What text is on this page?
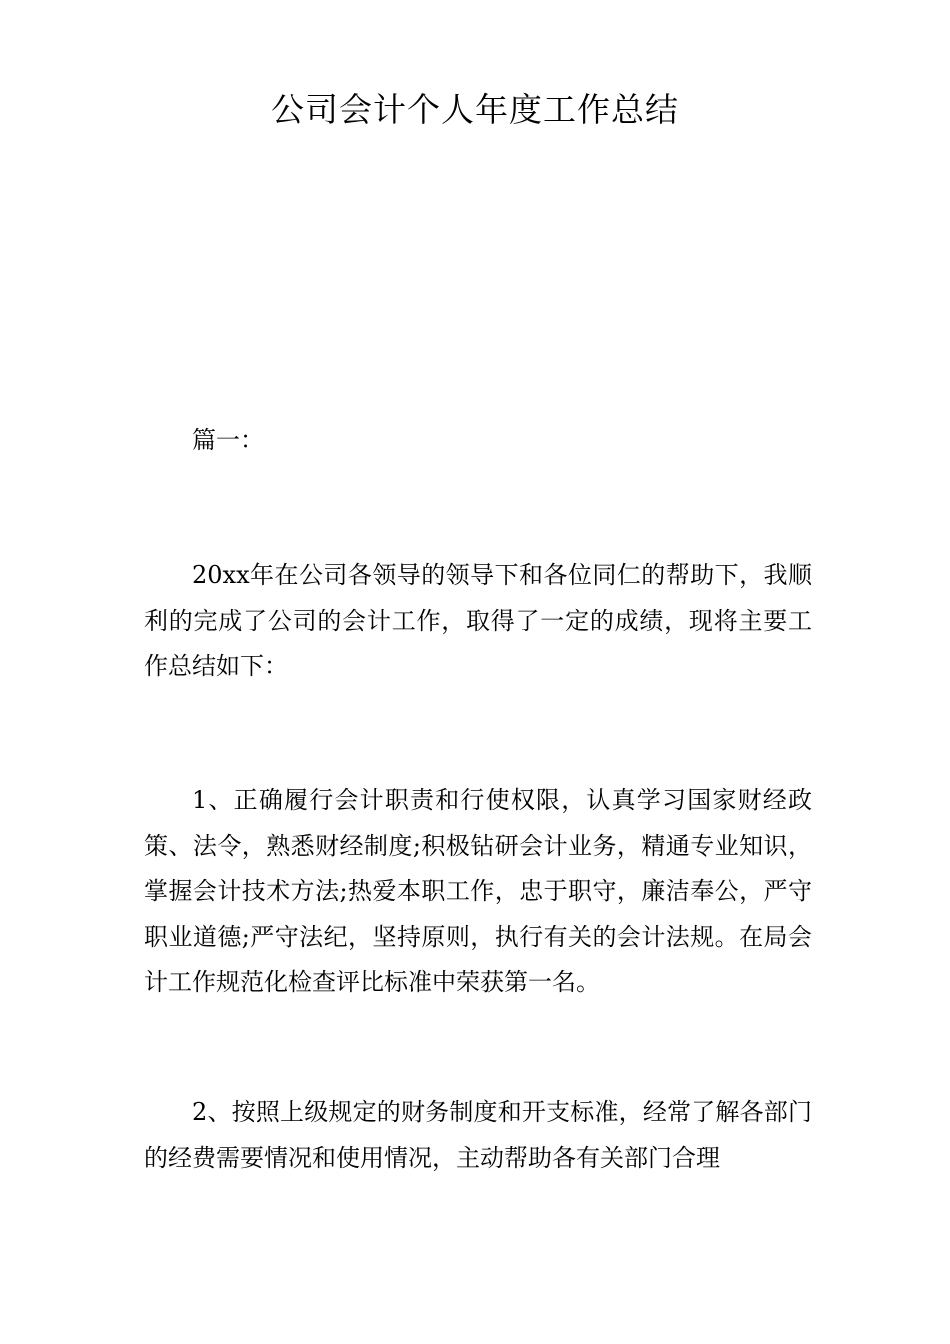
公司会计个人年度工作总结

篇一：

20xx年在公司各领导的领导下和各位同仁的帮助下，我顺利的完成了公司的会计工作，取得了一定的成绩，现将主要工作总结如下：

1、正确履行会计职责和行使权限，认真学习国家财经政策、法令，熟悉财经制度;积极钻研会计业务，精通专业知识，掌握会计技术方法;热爱本职工作，忠于职守，廉洁奉公，严守职业道德;严守法纪，坚持原则，执行有关的会计法规。在局会计工作规范化检查评比标准中荣获第一名。

2、按照上级规定的财务制度和开支标准，经常了解各部门的经费需要情况和使用情况，主动帮助各有关部门合理
